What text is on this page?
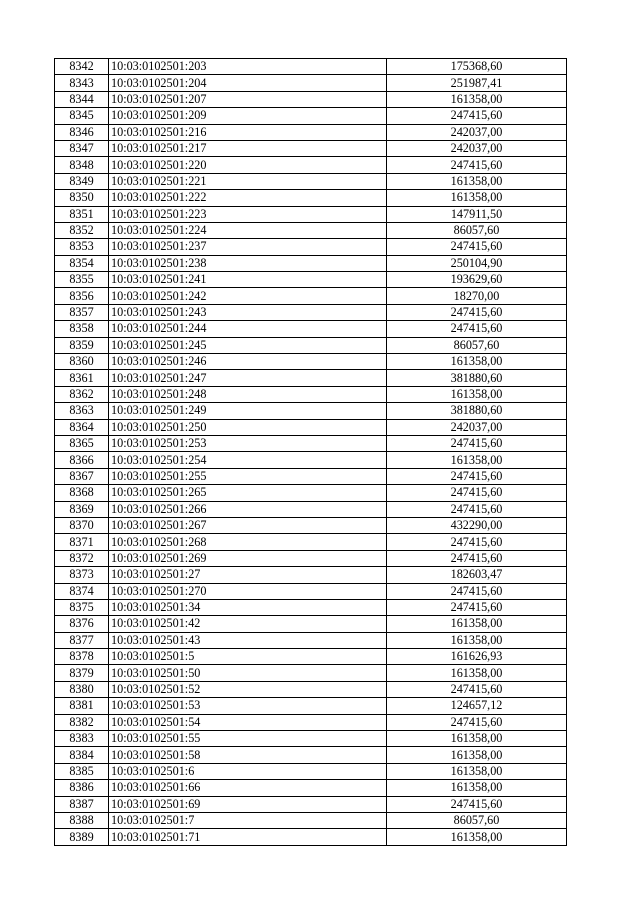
8342	10:03:0102501:203	175368,60
8343	10:03:0102501:204	251987,41
8344	10:03:0102501:207	161358,00
8345	10:03:0102501:209	247415,60
8346	10:03:0102501:216	242037,00
8347	10:03:0102501:217	242037,00
8348	10:03:0102501:220	247415,60
8349	10:03:0102501:221	161358,00
8350	10:03:0102501:222	161358,00
8351	10:03:0102501:223	147911,50
8352	10:03:0102501:224	86057,60
8353	10:03:0102501:237	247415,60
8354	10:03:0102501:238	250104,90
8355	10:03:0102501:241	193629,60
8356	10:03:0102501:242	18270,00
8357	10:03:0102501:243	247415,60
8358	10:03:0102501:244	247415,60
8359	10:03:0102501:245	86057,60
8360	10:03:0102501:246	161358,00
8361	10:03:0102501:247	381880,60
8362	10:03:0102501:248	161358,00
8363	10:03:0102501:249	381880,60
8364	10:03:0102501:250	242037,00
8365	10:03:0102501:253	247415,60
8366	10:03:0102501:254	161358,00
8367	10:03:0102501:255	247415,60
8368	10:03:0102501:265	247415,60
8369	10:03:0102501:266	247415,60
8370	10:03:0102501:267	432290,00
8371	10:03:0102501:268	247415,60
8372	10:03:0102501:269	247415,60
8373	10:03:0102501:27	182603,47
8374	10:03:0102501:270	247415,60
8375	10:03:0102501:34	247415,60
8376	10:03:0102501:42	161358,00
8377	10:03:0102501:43	161358,00
8378	10:03:0102501:5	161626,93
8379	10:03:0102501:50	161358,00
8380	10:03:0102501:52	247415,60
8381	10:03:0102501:53	124657,12
8382	10:03:0102501:54	247415,60
8383	10:03:0102501:55	161358,00
8384	10:03:0102501:58	161358,00
8385	10:03:0102501:6	161358,00
8386	10:03:0102501:66	161358,00
8387	10:03:0102501:69	247415,60
8388	10:03:0102501:7	86057,60
8389	10:03:0102501:71	161358,00
